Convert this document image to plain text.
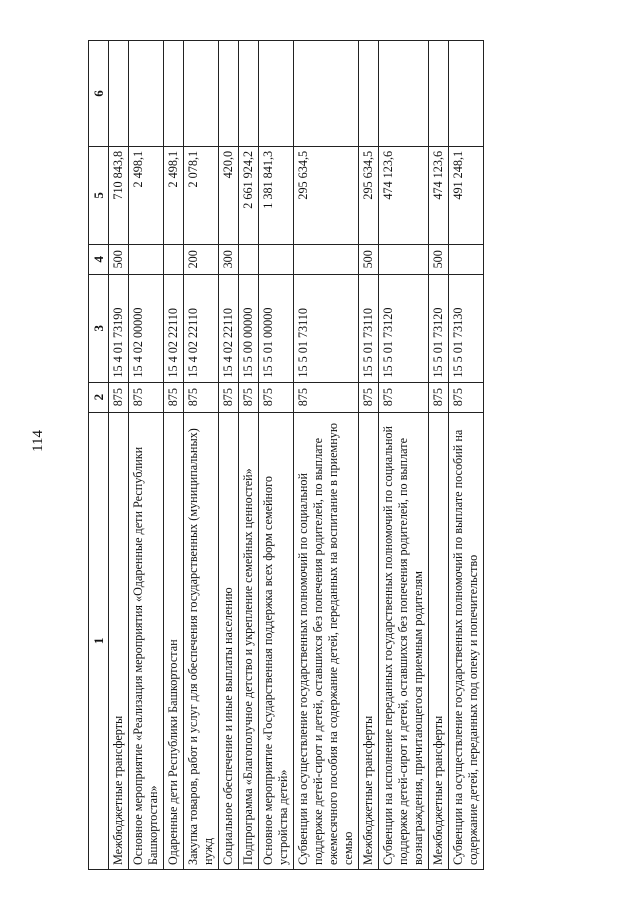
114
1	2	3	4	5	6
Межбюджетные трансферты	875	15 4 01 73190	500	710 843,8	
Основное мероприятие «Реализация мероприятия «Одаренные дети Республики Башкортостан»	875	15 4 02 00000		2 498,1	
Одаренные дети Республики Башкортостан	875	15 4 02 22110		2 498,1	
Закупка товаров, работ и услуг для обеспечения государственных (муниципальных) нужд	875	15 4 02 22110	200	2 078,1	
Социальное обеспечение и иные выплаты населению	875	15 4 02 22110	300	420,0	
Подпрограмма «Благополучное детство и укрепление семейных ценностей»	875	15 5 00 00000		2 661 924,2	
Основное мероприятие «Государственная поддержка всех форм семейного устройства детей»	875	15 5 01 00000		1 381 841,3	
Субвенции на осуществление государственных полномочий по социальной поддержке детей-сирот и детей, оставшихся без попечения родителей, по выплате ежемесячного пособия на содержание детей, переданных на воспитание в приемную семью	875	15 5 01 73110		295 634,5	
Межбюджетные трансферты	875	15 5 01 73110	500	295 634,5	
Субвенции на исполнение переданных государственных полномочий по социальной поддержке детей-сирот и детей, оставшихся без попечения родителей, по выплате вознаграждения, причитающегося приемным родителям	875	15 5 01 73120		474 123,6	
Межбюджетные трансферты	875	15 5 01 73120	500	474 123,6	
Субвенции на осуществление государственных полномочий по выплате пособий на содержание детей, переданных под опеку и попечительство	875	15 5 01 73130		491 248,1	
